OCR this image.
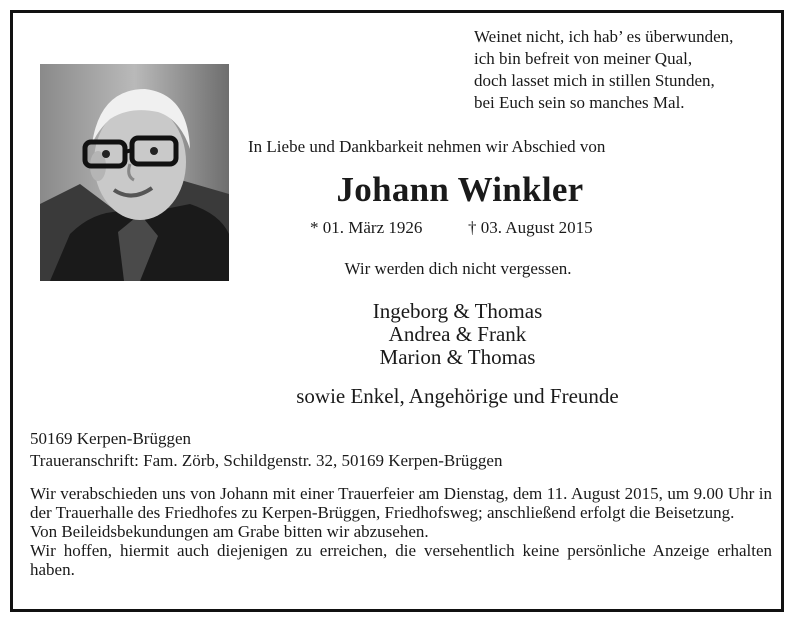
Weinet nicht, ich hab’ es überwunden,
ich bin befreit von meiner Qual,
doch lasset mich in stillen Stunden,
bei Euch sein so manches Mal.
In Liebe und Dankbarkeit nehmen wir Abschied von
Johann Winkler
* 01. März 1926	† 03. August 2015
Wir werden dich nicht vergessen.
Ingeborg & Thomas
Andrea & Frank
Marion & Thomas
sowie Enkel, Angehörige und Freunde
50169 Kerpen-Brüggen
Traueranschrift: Fam. Zörb, Schildgenstr. 32, 50169 Kerpen-Brüggen

Wir verabschieden uns von Johann mit einer Trauerfeier am Dienstag, dem 11. August 2015, um 9.00 Uhr in der Trauerhalle des Friedhofes zu Kerpen-Brüggen, Friedhofsweg; anschließend erfolgt die Beisetzung.

Von Beileidsbekundungen am Grabe bitten wir abzusehen.

Wir hoffen, hiermit auch diejenigen zu erreichen, die versehentlich keine persönliche Anzeige erhalten haben.
